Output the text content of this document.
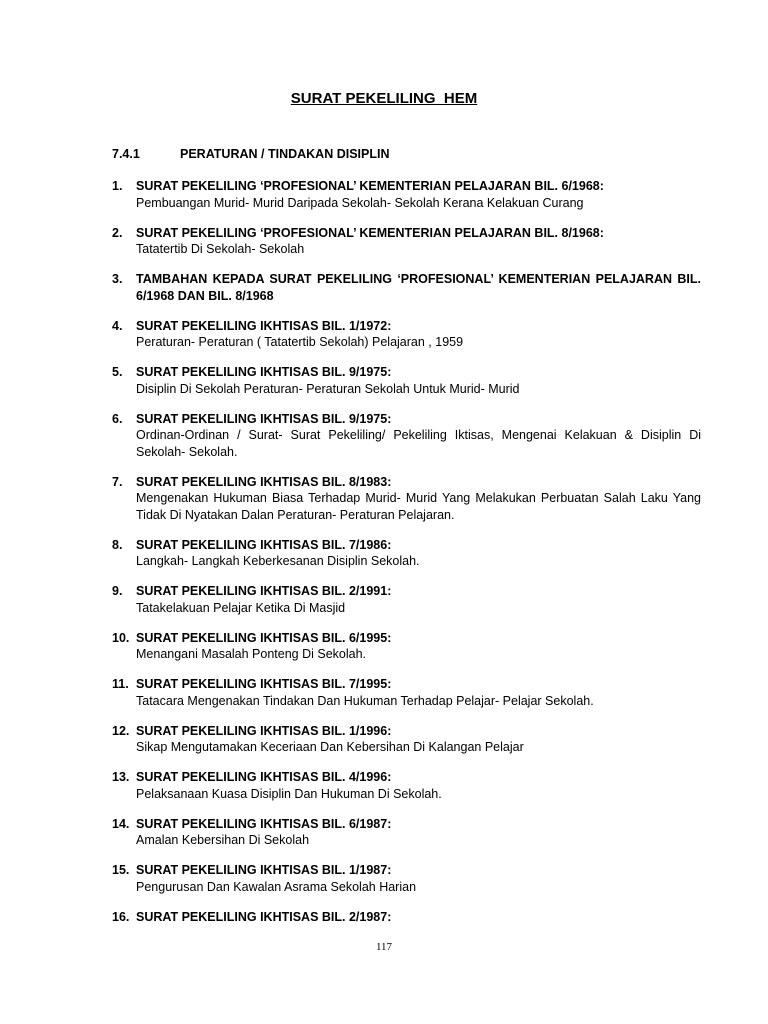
SURAT PEKELILING  HEM
7.4.1	PERATURAN / TINDAKAN DISIPLIN
1. SURAT PEKELILING ‘PROFESIONAL’ KEMENTERIAN PELAJARAN BIL. 6/1968:
Pembuangan Murid- Murid Daripada Sekolah- Sekolah Kerana Kelakuan Curang
2. SURAT PEKELILING ‘PROFESIONAL’ KEMENTERIAN PELAJARAN BIL. 8/1968:
Tatatertib Di Sekolah- Sekolah
3. TAMBAHAN KEPADA SURAT PEKELILING ‘PROFESIONAL’ KEMENTERIAN PELAJARAN BIL. 6/1968 DAN BIL. 8/1968
4. SURAT PEKELILING IKHTISAS BIL. 1/1972:
Peraturan- Peraturan ( Tatatertib Sekolah) Pelajaran , 1959
5. SURAT PEKELILING IKHTISAS BIL. 9/1975:
Disiplin Di Sekolah Peraturan- Peraturan Sekolah Untuk Murid- Murid
6. SURAT PEKELILING IKHTISAS BIL. 9/1975:
Ordinan-Ordinan / Surat- Surat Pekeliling/ Pekeliling Iktisas, Mengenai Kelakuan & Disiplin Di Sekolah- Sekolah.
7. SURAT PEKELILING IKHTISAS BIL. 8/1983:
Mengenakan Hukuman Biasa Terhadap Murid- Murid Yang Melakukan Perbuatan Salah Laku Yang Tidak Di Nyatakan Dalan Peraturan- Peraturan Pelajaran.
8. SURAT PEKELILING IKHTISAS BIL. 7/1986:
Langkah- Langkah Keberkesanan Disiplin Sekolah.
9. SURAT PEKELILING IKHTISAS BIL. 2/1991:
Tatakelakuan Pelajar Ketika Di Masjid
10. SURAT PEKELILING IKHTISAS BIL. 6/1995:
Menangani Masalah Ponteng Di Sekolah.
11. SURAT PEKELILING IKHTISAS BIL. 7/1995:
Tatacara Mengenakan Tindakan Dan Hukuman Terhadap Pelajar- Pelajar Sekolah.
12. SURAT PEKELILING IKHTISAS BIL. 1/1996:
Sikap Mengutamakan Keceriaan Dan Kebersihan Di Kalangan Pelajar
13. SURAT PEKELILING IKHTISAS BIL. 4/1996:
Pelaksanaan Kuasa Disiplin Dan Hukuman Di Sekolah.
14. SURAT PEKELILING IKHTISAS BIL. 6/1987:
Amalan Kebersihan Di Sekolah
15. SURAT PEKELILING IKHTISAS BIL. 1/1987:
Pengurusan Dan Kawalan Asrama Sekolah Harian
16. SURAT PEKELILING IKHTISAS BIL. 2/1987:
117
